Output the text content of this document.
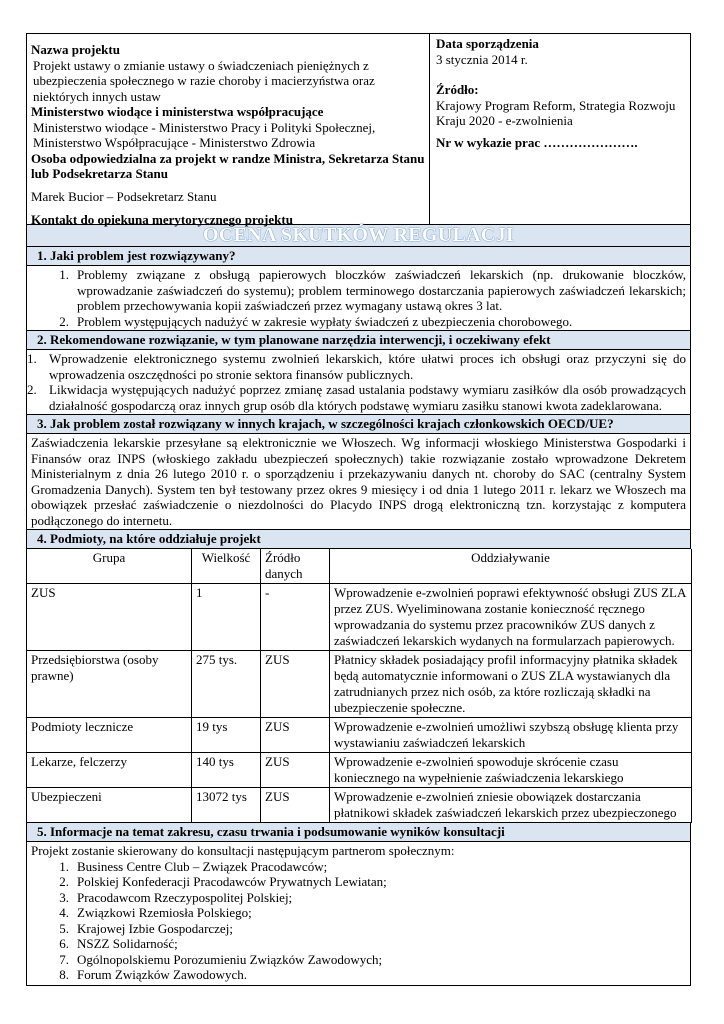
Nazwa projektu
Projekt ustawy o zmianie ustawy o świadczeniach pieniężnych z ubezpieczenia społecznego w razie choroby i macierzyństwa oraz niektórych innych ustaw
Ministerstwo wiodące i ministerstwa współpracujące
Ministerstwo wiodące - Ministerstwo Pracy i Polityki Społecznej,
Ministerstwo Współpracujące - Ministerstwo Zdrowia
Osoba odpowiedzialna za projekt w randze Ministra, Sekretarza Stanu lub Podsekretarza Stanu
Marek Bucior – Podsekretarz Stanu
Kontakt do opiekuna merytorycznego projektu
Data sporządzenia
3 stycznia 2014 r.
Źródło:
Krajowy Program Reform, Strategia Rozwoju Kraju 2020 - e-zwolnienia
Nr w wykazie prac ………………….
OCENA SKUTKÓW REGULACJI
1. Jaki problem jest rozwiązywany?
1. Problemy związane z obsługą papierowych bloczków zaświadczeń lekarskich (np. drukowanie bloczków, wprowadzanie zaświadczeń do systemu); problem terminowego dostarczania papierowych zaświadczeń lekarskich; problem przechowywania kopii zaświadczeń przez wymagany ustawą okres 3 lat.
2. Problem występujących nadużyć w zakresie wypłaty świadczeń z ubezpieczenia chorobowego.
2. Rekomendowane rozwiązanie, w tym planowane narzędzia interwencji, i oczekiwany efekt
1. Wprowadzenie elektronicznego systemu zwolnień lekarskich, które ułatwi proces ich obsługi oraz przyczyni się do wprowadzenia oszczędności po stronie sektora finansów publicznych.
2. Likwidacja występujących nadużyć poprzez zmianę zasad ustalania podstawy wymiaru zasiłków dla osób prowadzących działalność gospodarczą oraz innych grup osób dla których podstawę wymiaru zasiłku stanowi kwota zadeklarowana.
3. Jak problem został rozwiązany w innych krajach, w szczególności krajach członkowskich OECD/UE?
Zaświadczenia lekarskie przesyłane są elektronicznie we Włoszech. Wg informacji włoskiego Ministerstwa Gospodarki i Finansów oraz INPS (włoskiego zakładu ubezpieczeń społecznych) takie rozwiązanie zostało wprowadzone Dekretem Ministerialnym z dnia 26 lutego 2010 r. o sporządzeniu i przekazywaniu danych nt. choroby do SAC (centralny System Gromadzenia Danych). System ten był testowany przez okres 9 miesięcy i od dnia 1 lutego 2011 r. lekarz we Włoszech ma obowiązek przesłać zaświadczenie o niezdolności do Placydo INPS drogą elektroniczną tzn. korzystając z komputera podłączonego do internetu.
4. Podmioty, na które oddziałuje projekt
Grupa	Wielkość	Źródło danych	Oddziaływanie
ZUS	1	-	Wprowadzenie e-zwolnień poprawi efektywność obsługi ZUS ZLA przez ZUS. Wyeliminowana zostanie konieczność ręcznego wprowadzania do systemu przez pracowników ZUS danych z zaświadczeń lekarskich wydanych na formularzach papierowych.
Przedsiębiorstwa (osoby prawne)	275 tys.	ZUS	Płatnicy składek posiadający profil informacyjny płatnika składek będą automatycznie informowani o ZUS ZLA wystawianych dla zatrudnianych przez nich osób, za które rozliczają składki na ubezpieczenie społeczne.
Podmioty lecznicze	19 tys	ZUS	Wprowadzenie e-zwolnień umożliwi szybszą obsługę klienta przy wystawianiu zaświadczeń lekarskich
Lekarze, felczerzy	140 tys	ZUS	Wprowadzenie e-zwolnień spowoduje skrócenie czasu koniecznego na wypełnienie zaświadczenia lekarskiego
Ubezpieczeni	13072 tys	ZUS	Wprowadzenie e-zwolnień zniesie obowiązek dostarczania płatnikowi składek zaświadczeń lekarskich przez ubezpieczonego
5. Informacje na temat zakresu, czasu trwania i podsumowanie wyników konsultacji
Projekt zostanie skierowany do konsultacji następującym partnerom społecznym:
1. Business Centre Club – Związek Pracodawców;
2. Polskiej Konfederacji Pracodawców Prywatnych Lewiatan;
3. Pracodawcom Rzeczypospolitej Polskiej;
4. Związkowi Rzemiosła Polskiego;
5. Krajowej Izbie Gospodarczej;
6. NSZZ Solidarność;
7. Ogólnopolskiemu Porozumieniu Związków Zawodowych;
8. Forum Związków Zawodowych.
